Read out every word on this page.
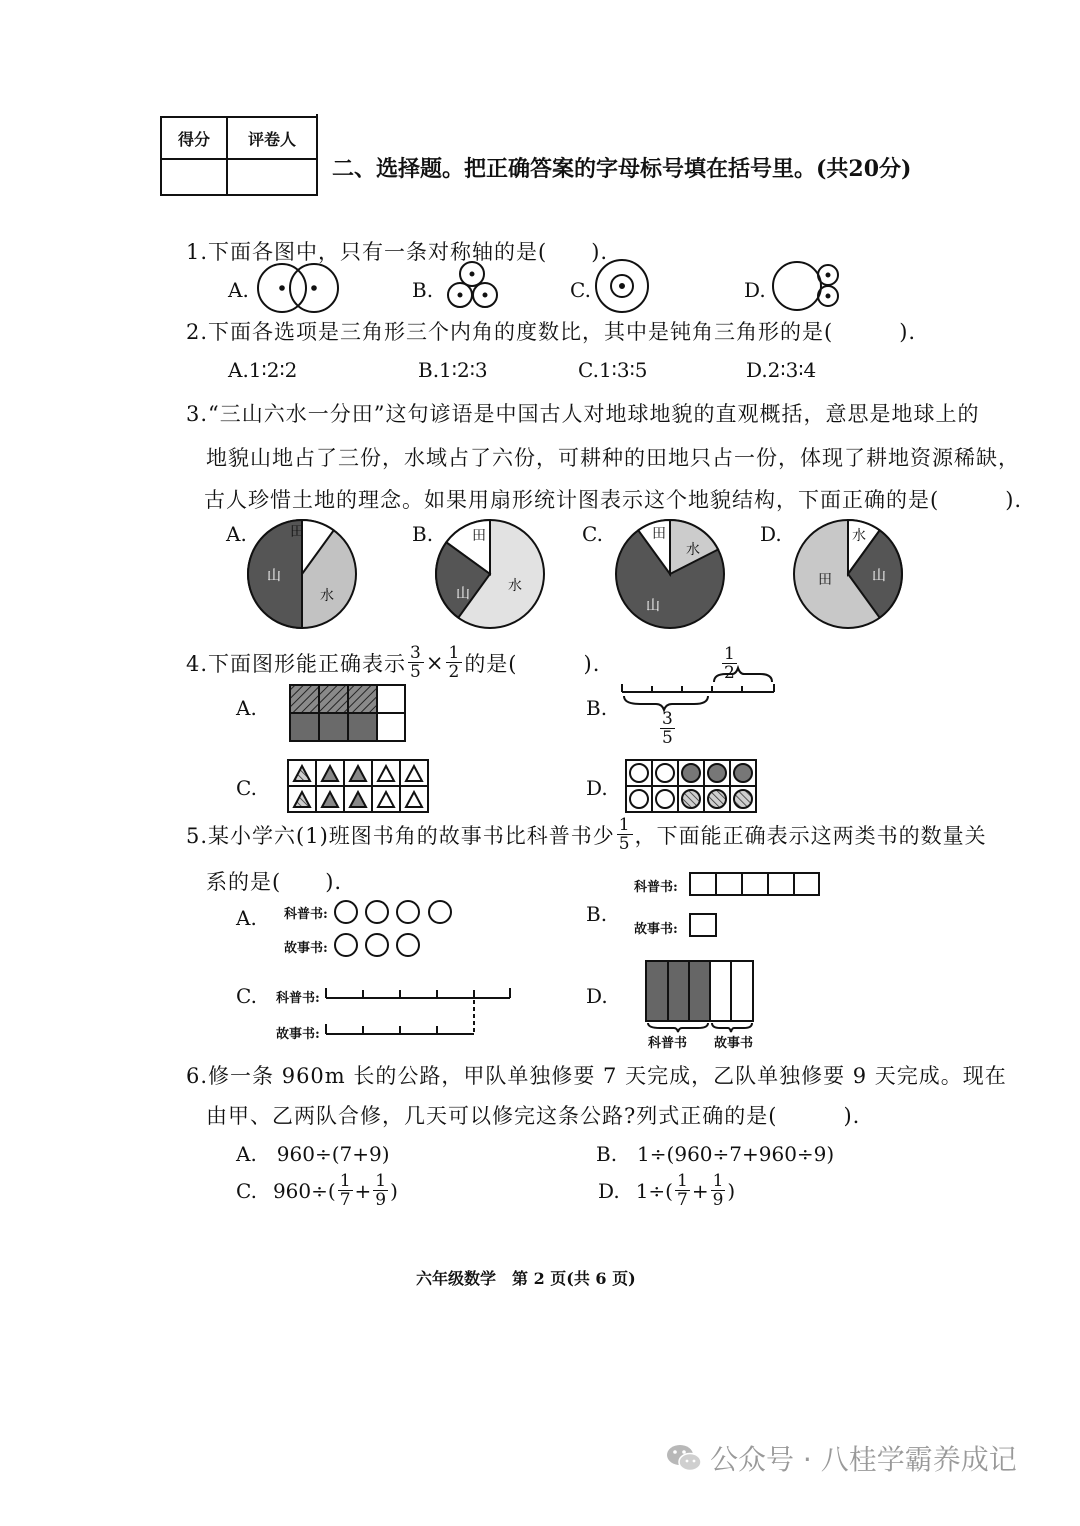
得分	评卷人

二、选择题。把正确答案的字母标号填在括号里。(共20分)
1.下面各图中，只有一条对称轴的是(　　).
A.	B.	C.	D.
2.下面各选项是三角形三个内角的度数比，其中是钝角三角形的是(　　　).
A.1∶2∶2	B.1∶2∶3	C.1∶3∶5	D.2∶3∶4
3.“三山六水一分田”这句谚语是中国古人对地球地貌的直观概括，意思是地球上的
地貌山地占了三份，水域占了六份，可耕种的田地只占一份，体现了耕地资源稀缺，
古人珍惜土地的理念。如果用扇形统计图表示这个地貌结构，下面正确的是(　　　).
A.	B.	C.	D.
田
山
水
田
山	水
田
水
山
水
山
田
4.下面图形能正确表示 $\frac{3}{5} \times \frac{1}{2}$ 的是(　　　).
A.	B.
C.	D.
$\frac{1}{2}$
$\frac{3}{5}$
5.某小学六(1)班图书角的故事书比科普书少 $\frac{1}{5}$ ，下面能正确表示这两类书的数量关
系的是(　　).
A.	B.
C.	D.
科普书:
故事书:
科普书:
故事书:
科普书:
故事书:
科普书 故事书
6.修一条 960m 长的公路，甲队单独修要 7 天完成，乙队单独修要 9 天完成。现在
由甲、乙两队合修，几天可以修完这条公路?列式正确的是(　　　).
A.　960÷(7+9)	B.　1÷(960÷7+960÷9)
C. $960\div( \frac{1}{7} + \frac{1}{9}$ )	D. $1\div( \frac{1}{7} + \frac{1}{9}$ )
六年级数学　第 2 页(共 6 页)
公众号 · 八桂学霸养成记
